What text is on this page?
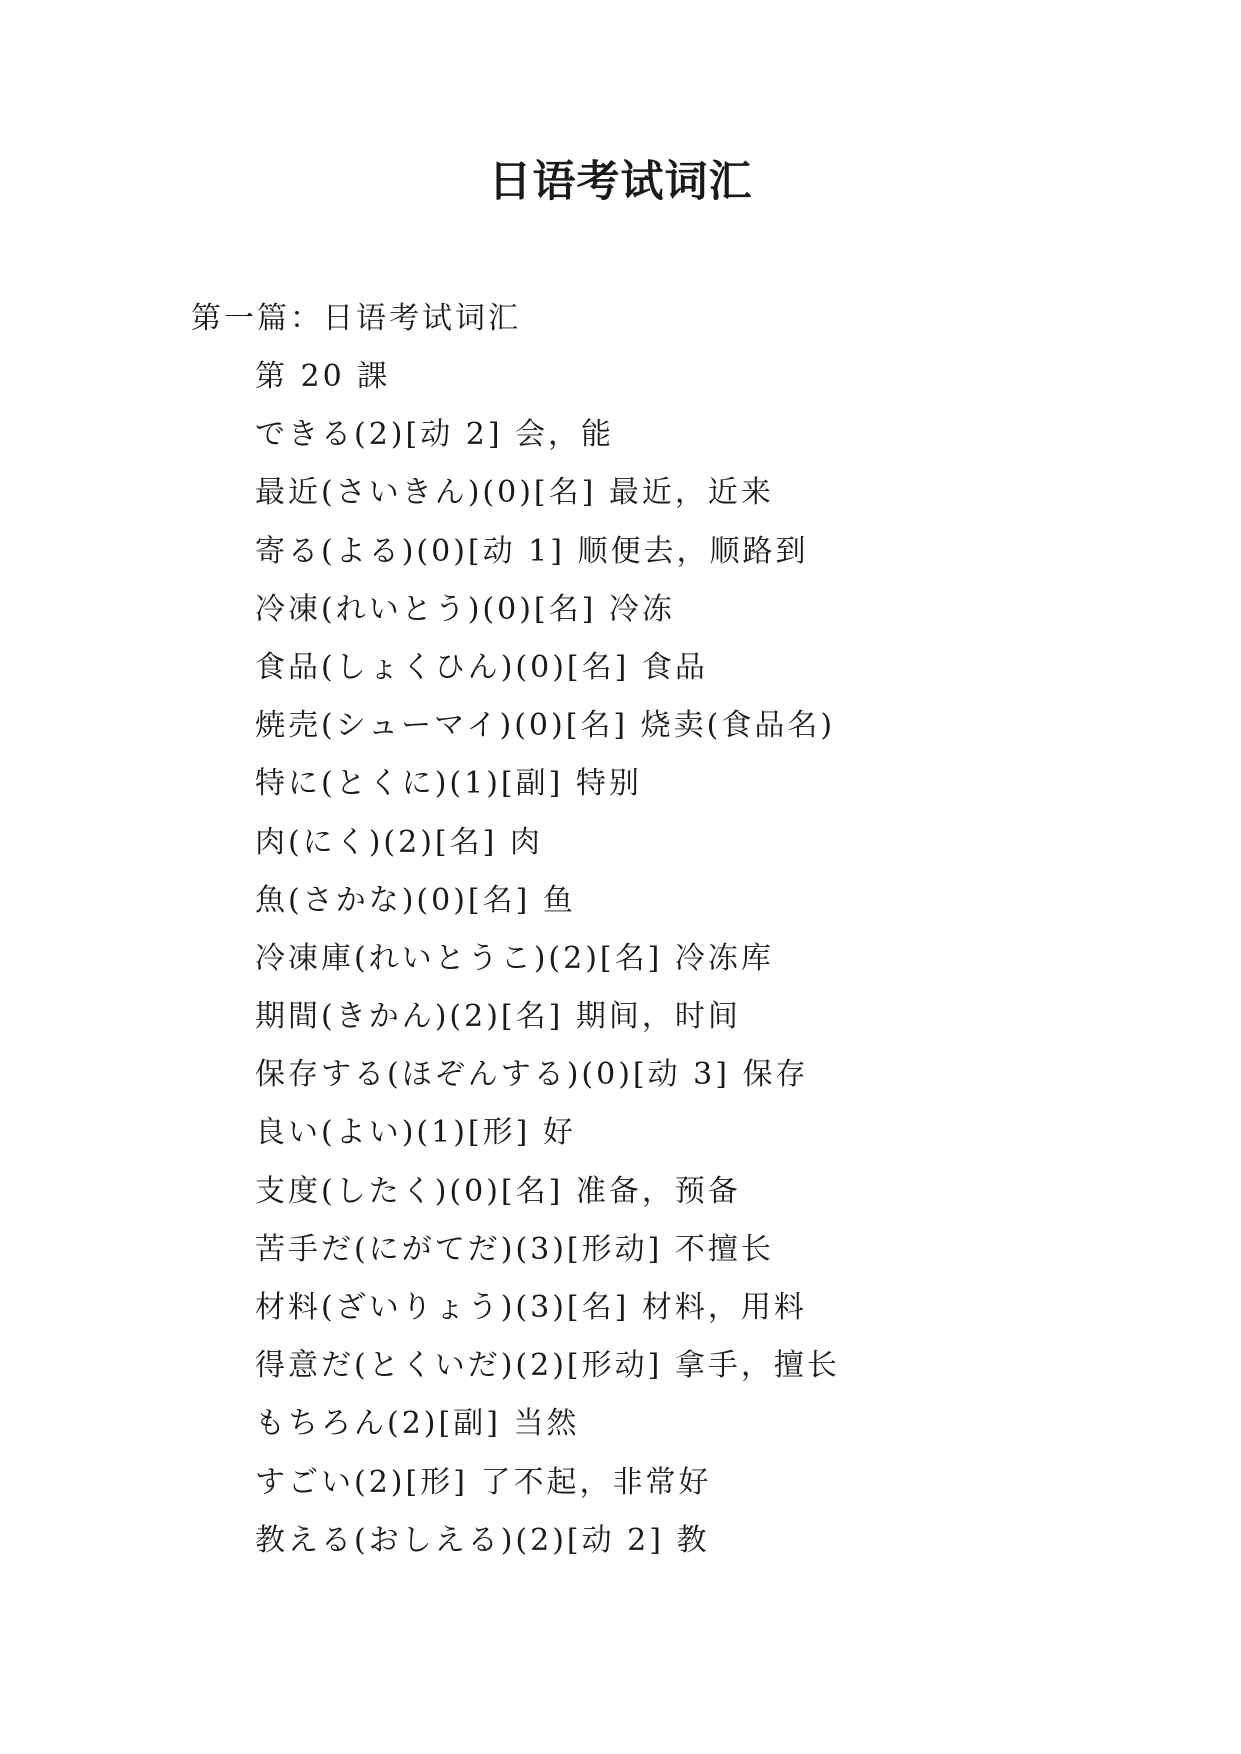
日语考试词汇

第一篇：日语考试词汇

第 20 課
できる(2)[动 2] 会，能
最近(さいきん)(0)[名] 最近，近来
寄る(よる)(0)[动 1] 顺便去，顺路到
冷凍(れいとう)(0)[名] 冷冻
食品(しょくひん)(0)[名] 食品
焼売(シューマイ)(0)[名] 烧卖(食品名)
特に(とくに)(1)[副] 特别
肉(にく)(2)[名] 肉
魚(さかな)(0)[名] 鱼
冷凍庫(れいとうこ)(2)[名] 冷冻库
期間(きかん)(2)[名] 期间，时间
保存する(ほぞんする)(0)[动 3] 保存
良い(よい)(1)[形] 好
支度(したく)(0)[名] 准备，预备
苦手だ(にがてだ)(3)[形动] 不擅长
材料(ざいりょう)(3)[名] 材料，用料
得意だ(とくいだ)(2)[形动] 拿手，擅长
もちろん(2)[副] 当然
すごい(2)[形] 了不起，非常好
教える(おしえる)(2)[动 2] 教
